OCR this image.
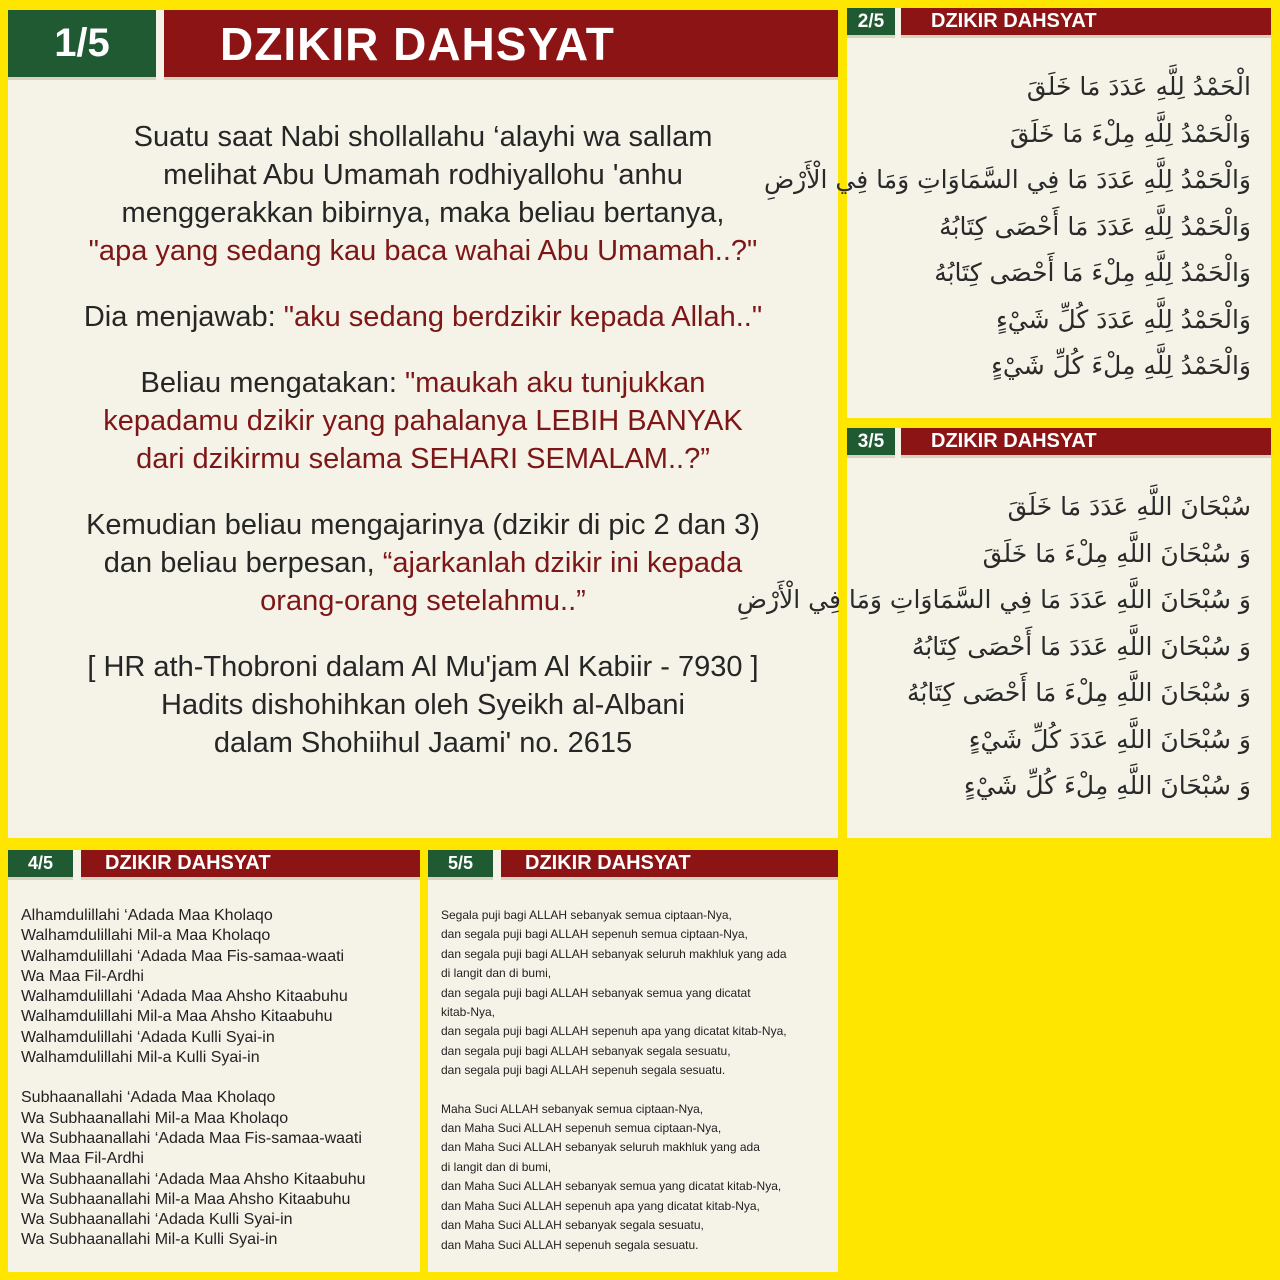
1/5	DZIKIR DAHSYAT

Suatu saat Nabi shollallahu ‘alayhi wa sallam
melihat Abu Umamah rodhiyallohu 'anhu
menggerakkan bibirnya, maka beliau bertanya,
"apa yang sedang kau baca wahai Abu Umamah..?"

Dia menjawab: "aku sedang berdzikir kepada Allah.."

Beliau mengatakan: "maukah aku tunjukkan
kepadamu dzikir yang pahalanya LEBIH BANYAK
dari dzikirmu selama SEHARI SEMALAM..?”

Kemudian beliau mengajarinya (dzikir di pic 2 dan 3)
dan beliau berpesan, “ajarkanlah dzikir ini kepada
orang-orang setelahmu..”

[ HR ath-Thobroni dalam Al Mu'jam Al Kabiir - 7930 ]
Hadits dishohihkan oleh Syeikh al-Albani
dalam Shohiihul Jaami' no. 2615

2/5	DZIKIR DAHSYAT
الْحَمْدُ لِلَّهِ عَدَدَ مَا خَلَقَ
وَالْحَمْدُ لِلَّهِ مِلْءَ مَا خَلَقَ
وَالْحَمْدُ لِلَّهِ عَدَدَ مَا فِي السَّمَاوَاتِ وَمَا فِي الْأَرْضِ
وَالْحَمْدُ لِلَّهِ عَدَدَ مَا أَحْصَى كِتَابُهُ
وَالْحَمْدُ لِلَّهِ مِلْءَ مَا أَحْصَى كِتَابُهُ
وَالْحَمْدُ لِلَّهِ عَدَدَ كُلِّ شَيْءٍ
وَالْحَمْدُ لِلَّهِ مِلْءَ كُلِّ شَيْءٍ
3/5	DZIKIR DAHSYAT
سُبْحَانَ اللَّهِ عَدَدَ مَا خَلَقَ
وَ سُبْحَانَ اللَّهِ مِلْءَ مَا خَلَقَ
وَ سُبْحَانَ اللَّهِ عَدَدَ مَا فِي السَّمَاوَاتِ وَمَا فِي الْأَرْضِ
وَ سُبْحَانَ اللَّهِ عَدَدَ مَا أَحْصَى كِتَابُهُ
وَ سُبْحَانَ اللَّهِ مِلْءَ مَا أَحْصَى كِتَابُهُ
وَ سُبْحَانَ اللَّهِ عَدَدَ كُلِّ شَيْءٍ
وَ سُبْحَانَ اللَّهِ مِلْءَ كُلِّ شَيْءٍ
4/5	DZIKIR DAHSYAT
Alhamdulillahi ‘Adada Maa Kholaqo
Walhamdulillahi Mil-a Maa Kholaqo
Walhamdulillahi ‘Adada Maa Fis-samaa-waati
Wa Maa Fil-Ardhi
Walhamdulillahi ‘Adada Maa Ahsho Kitaabuhu
Walhamdulillahi Mil-a Maa Ahsho Kitaabuhu
Walhamdulillahi ‘Adada Kulli Syai-in
Walhamdulillahi Mil-a Kulli Syai-in
Subhaanallahi ‘Adada Maa Kholaqo
Wa Subhaanallahi Mil-a Maa Kholaqo
Wa Subhaanallahi ‘Adada Maa Fis-samaa-waati
Wa Maa Fil-Ardhi
Wa Subhaanallahi ‘Adada Maa Ahsho Kitaabuhu
Wa Subhaanallahi Mil-a Maa Ahsho Kitaabuhu
Wa Subhaanallahi ‘Adada Kulli Syai-in
Wa Subhaanallahi Mil-a Kulli Syai-in
5/5	DZIKIR DAHSYAT
Segala puji bagi ALLAH sebanyak semua ciptaan-Nya,
dan segala puji bagi ALLAH sepenuh semua ciptaan-Nya,
dan segala puji bagi ALLAH sebanyak seluruh makhluk yang ada
di langit dan di bumi,
dan segala puji bagi ALLAH sebanyak semua yang dicatat
kitab-Nya,
dan segala puji bagi ALLAH sepenuh apa yang dicatat kitab-Nya,
dan segala puji bagi ALLAH sebanyak segala sesuatu,
dan segala puji bagi ALLAH sepenuh segala sesuatu.
Maha Suci ALLAH sebanyak semua ciptaan-Nya,
dan Maha Suci ALLAH sepenuh semua ciptaan-Nya,
dan Maha Suci ALLAH sebanyak seluruh makhluk yang ada
di langit dan di bumi,
dan Maha Suci ALLAH sebanyak semua yang dicatat kitab-Nya,
dan Maha Suci ALLAH sepenuh apa yang dicatat kitab-Nya,
dan Maha Suci ALLAH sebanyak segala sesuatu,
dan Maha Suci ALLAH sepenuh segala sesuatu.
